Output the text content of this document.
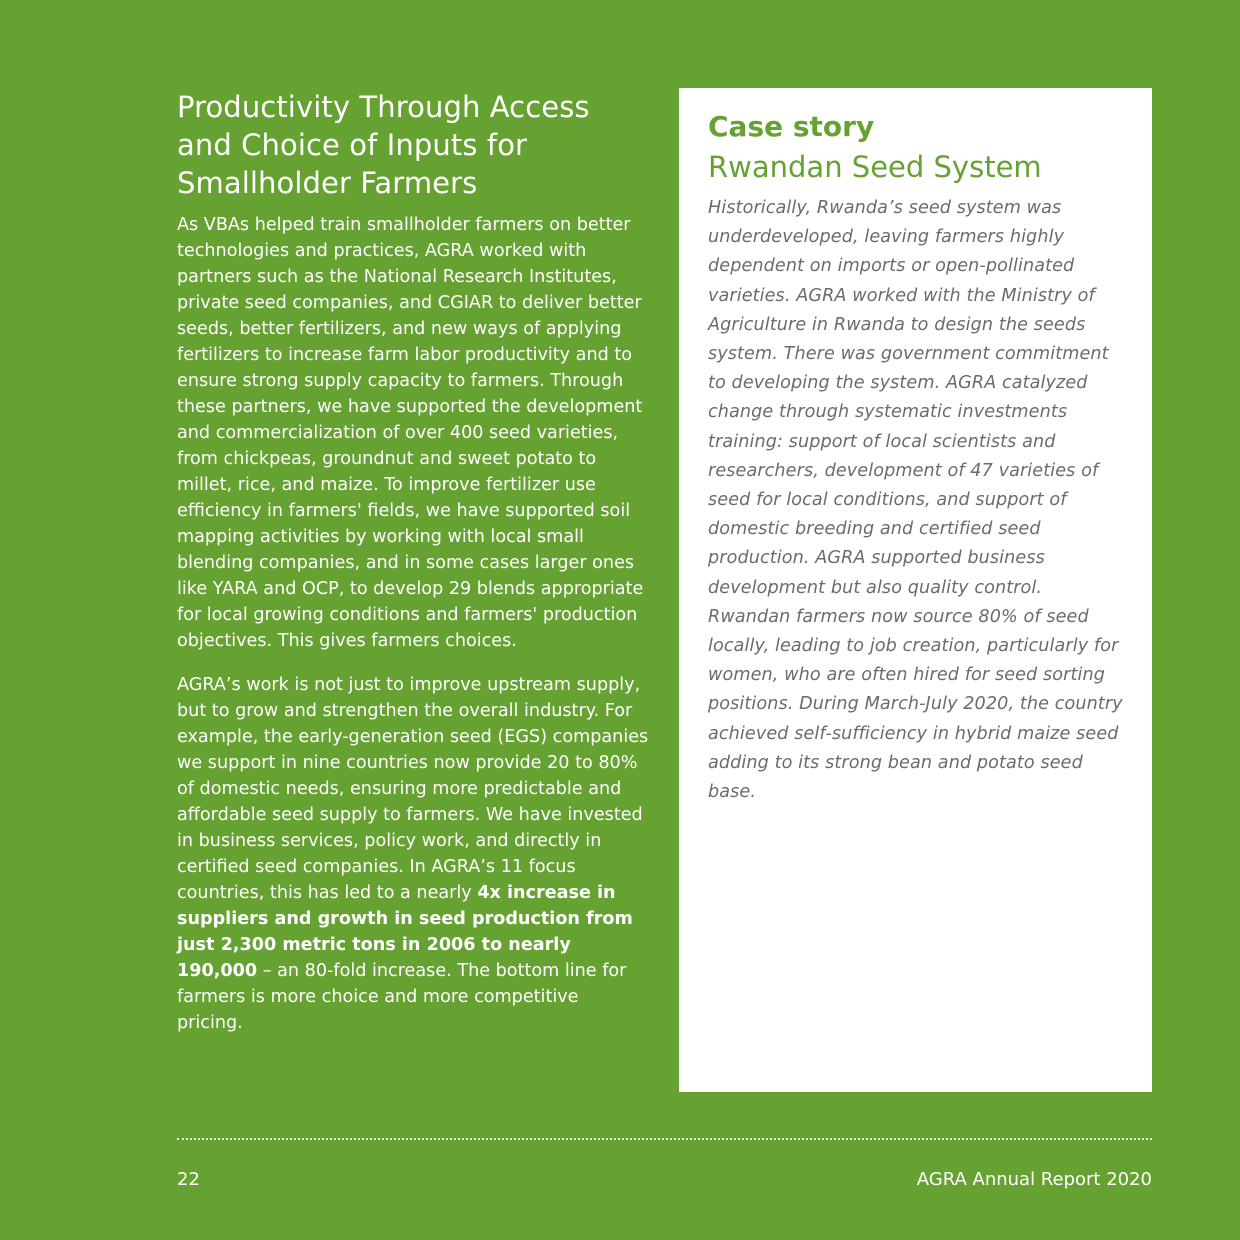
Productivity Through Access and Choice of Inputs for Smallholder Farmers

As VBAs helped train smallholder farmers on better technologies and practices, AGRA worked with partners such as the National Research Institutes, private seed companies, and CGIAR to deliver better seeds, better fertilizers, and new ways of applying fertilizers to increase farm labor productivity and to ensure strong supply capacity to farmers. Through these partners, we have supported the development and commercialization of over 400 seed varieties, from chickpeas, groundnut and sweet potato to millet, rice, and maize. To improve fertilizer use efficiency in farmers' fields, we have supported soil mapping activities by working with local small blending companies, and in some cases larger ones like YARA and OCP, to develop 29 blends appropriate for local growing conditions and farmers' production objectives. This gives farmers choices.

AGRA’s work is not just to improve upstream supply, but to grow and strengthen the overall industry. For example, the early-generation seed (EGS) companies we support in nine countries now provide 20 to 80% of domestic needs, ensuring more predictable and affordable seed supply to farmers. We have invested in business services, policy work, and directly in certified seed companies. In AGRA’s 11 focus countries, this has led to a nearly 4x increase in suppliers and growth in seed production from just 2,300 metric tons in 2006 to nearly 190,000 – an 80-fold increase. The bottom line for farmers is more choice and more competitive pricing.

Case story
Rwandan Seed System

Historically, Rwanda’s seed system was underdeveloped, leaving farmers highly dependent on imports or open-pollinated varieties. AGRA worked with the Ministry of Agriculture in Rwanda to design the seeds system. There was government commitment to developing the system. AGRA catalyzed change through systematic investments training: support of local scientists and researchers, development of 47 varieties of seed for local conditions, and support of domestic breeding and certified seed production. AGRA supported business development but also quality control. Rwandan farmers now source 80% of seed locally, leading to job creation, particularly for women, who are often hired for seed sorting positions. During March-July 2020, the country achieved self-sufficiency in hybrid maize seed adding to its strong bean and potato seed base.

22	AGRA Annual Report 2020
